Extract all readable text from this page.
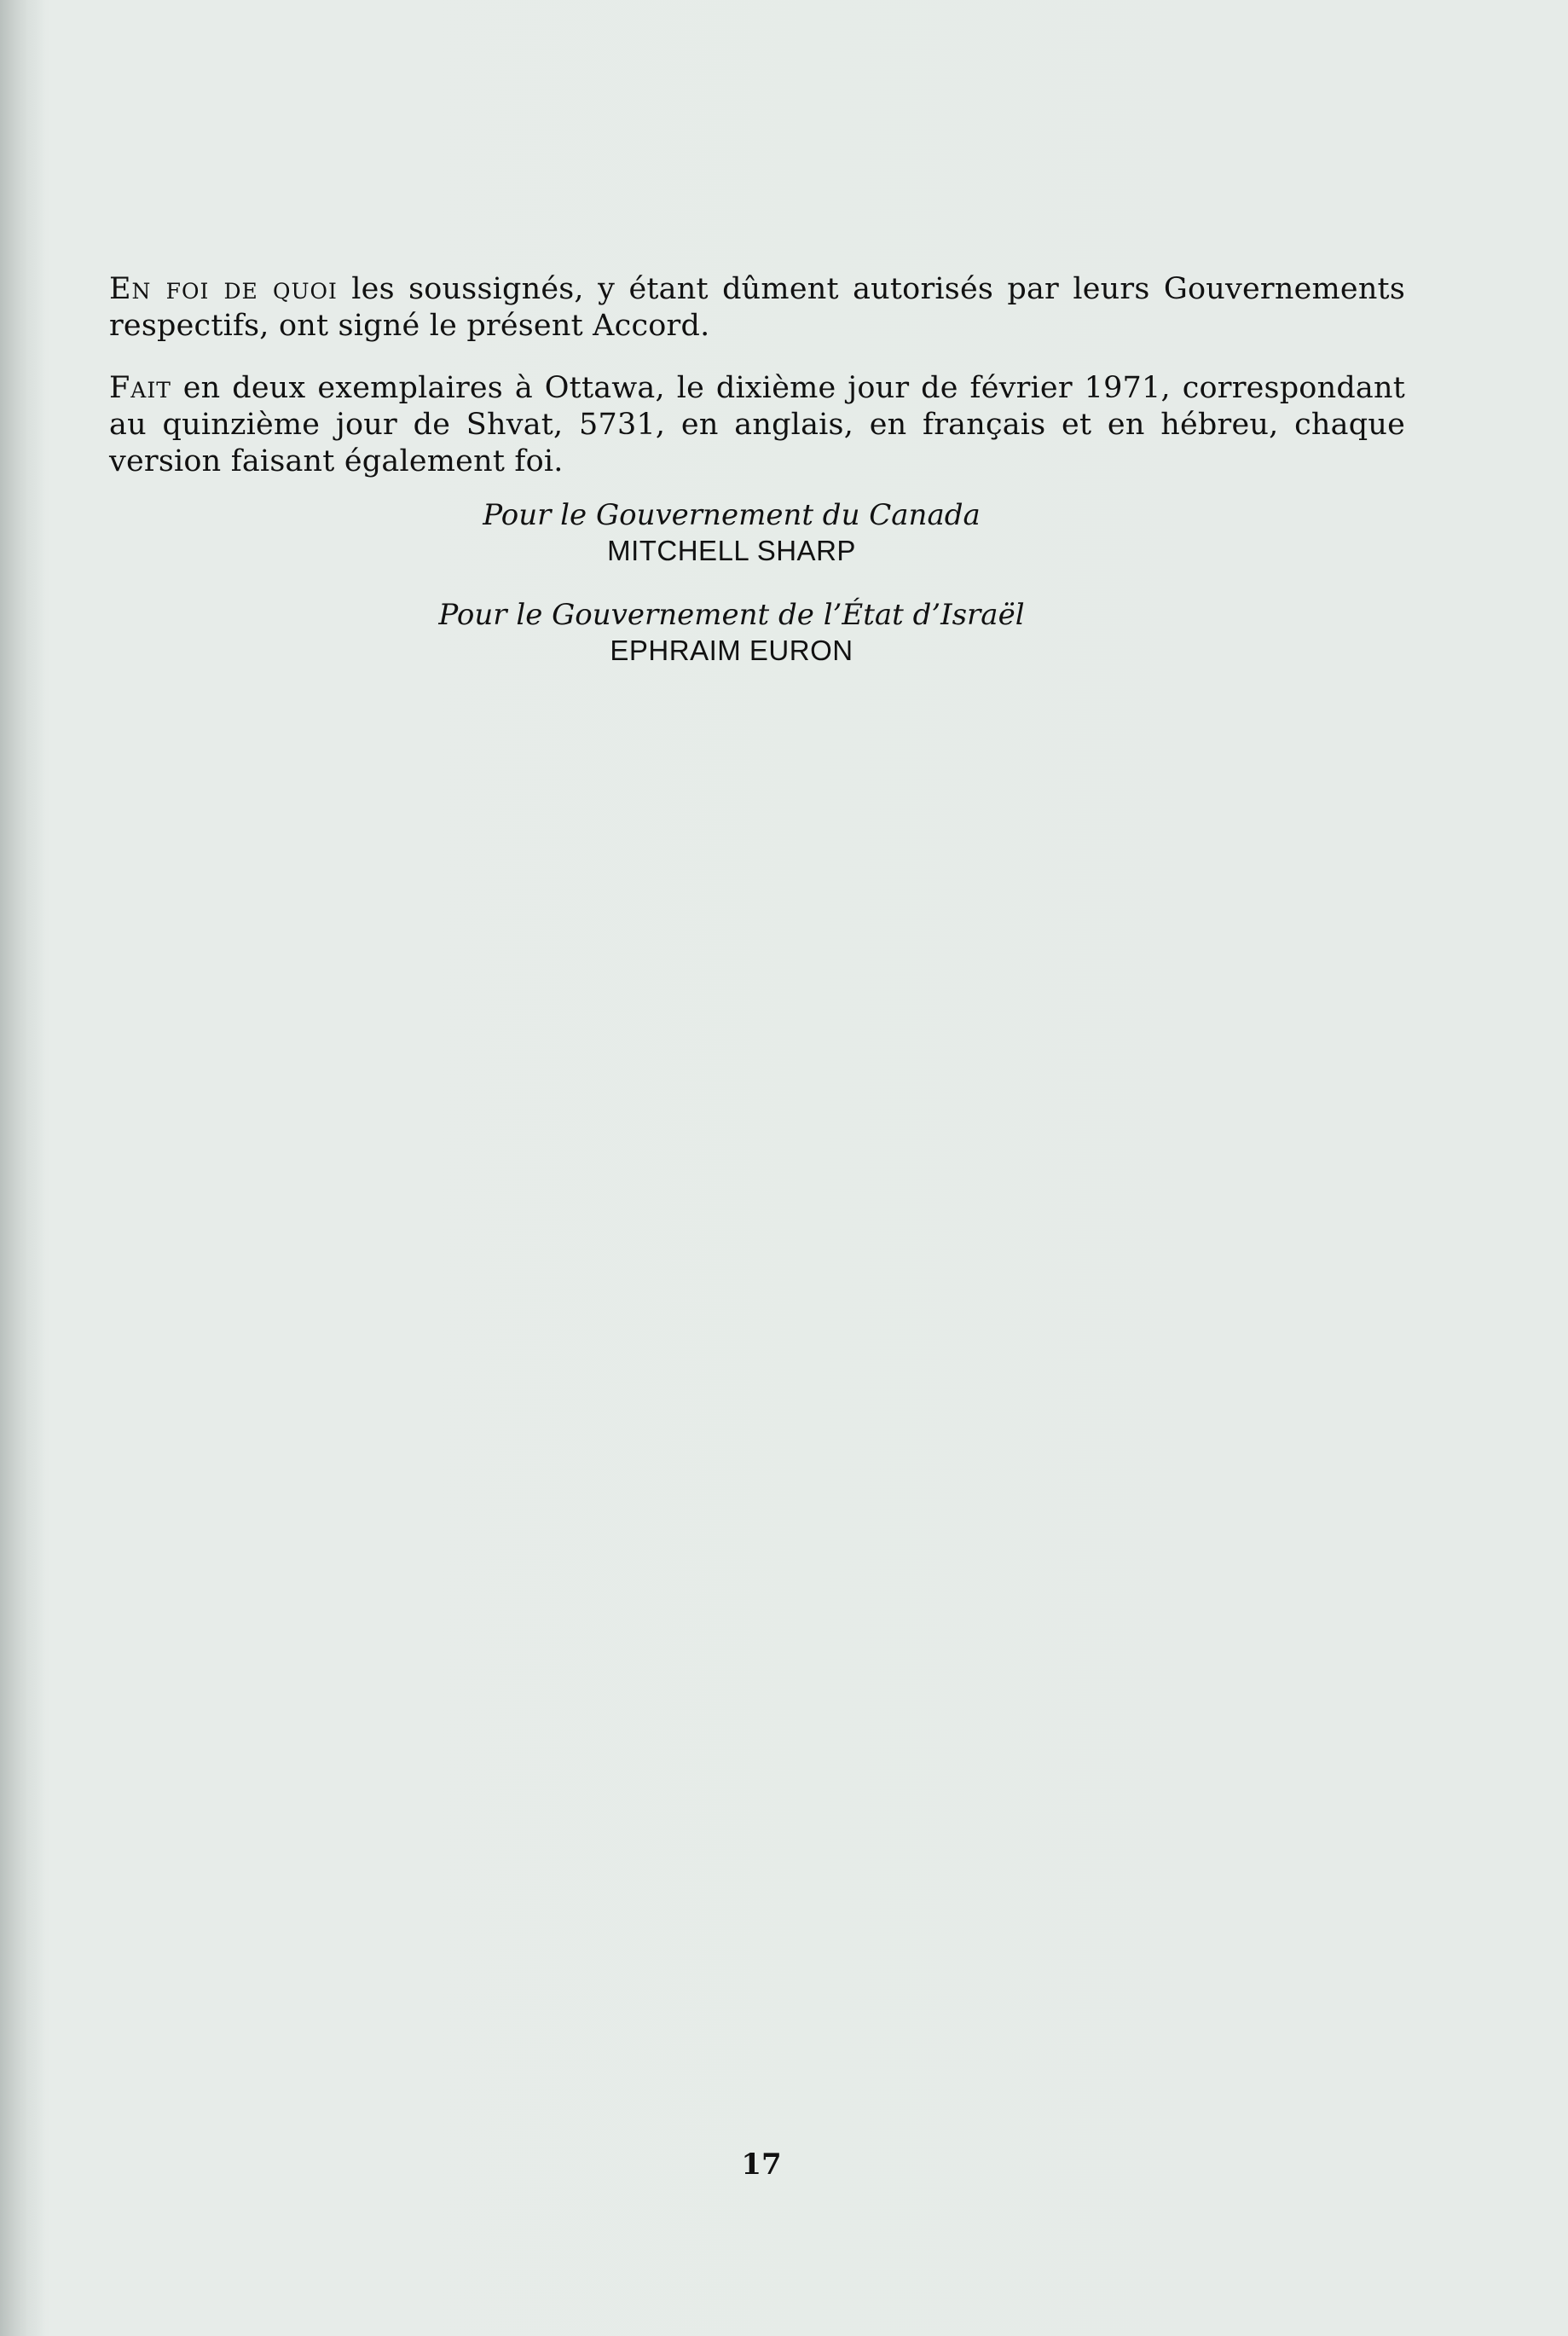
En foi de quoi les soussignés, y étant dûment autorisés par leurs Gouvernements respectifs, ont signé le présent Accord.

Fait en deux exemplaires à Ottawa, le dixième jour de février 1971, correspondant au quinzième jour de Shvat, 5731, en anglais, en français et en hébreu, chaque version faisant également foi.

Pour le Gouvernement du Canada
MITCHELL SHARP
Pour le Gouvernement de l’État d’Israël
EPHRAIM EURON
17
